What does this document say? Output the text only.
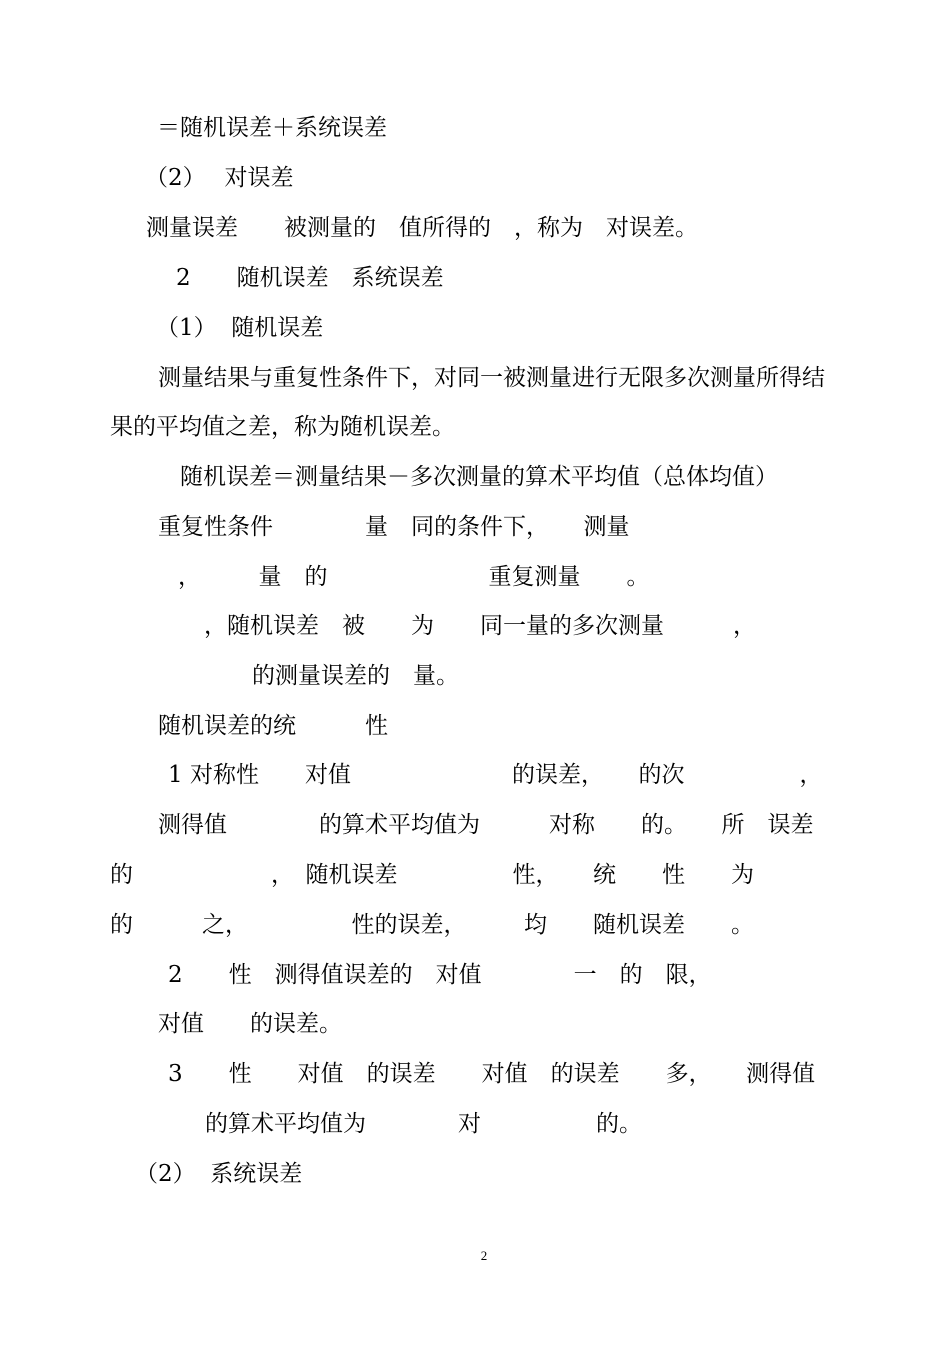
＝随机误差＋系统误差

（2）　 对误差

测量误差　　被测量的　值所得的　，称为　对误差。

2　　随机误差　系统误差

（1）  随机误差

测量结果与重复性条件下，对同一被测量进行无限多次测量所得结

果的平均值之差，称为随机误差。

随机误差＝测量结果－多次测量的算术平均值（总体均值）

重复性条件　　　　量　同的条件下，　　测量

，　　　量　的　　　　　　　重复测量　　。

，随机误差　被　　为　　同一量的多次测量　　　，

的测量误差的　量。

随机误差的统　　　性

1 对称性　　对值　　　　　　　的误差，　　的次　　　　　，

测得值　　　　的算术平均值为　　　对称　　的。　　所　误差

的　　　　　　，　随机误差　　　　　性，　　统　　性　　为

的　　　之，　　　　　性的误差，　　　均　　随机误差　　。

2　　性　测得值误差的　对值　　　　一　的　限，

对值　　的误差。

3　　性　　对值　的误差　　对值　的误差　　多，　　测得值

的算术平均值为　　　　对　　　　　的。

（2）  系统误差

2
